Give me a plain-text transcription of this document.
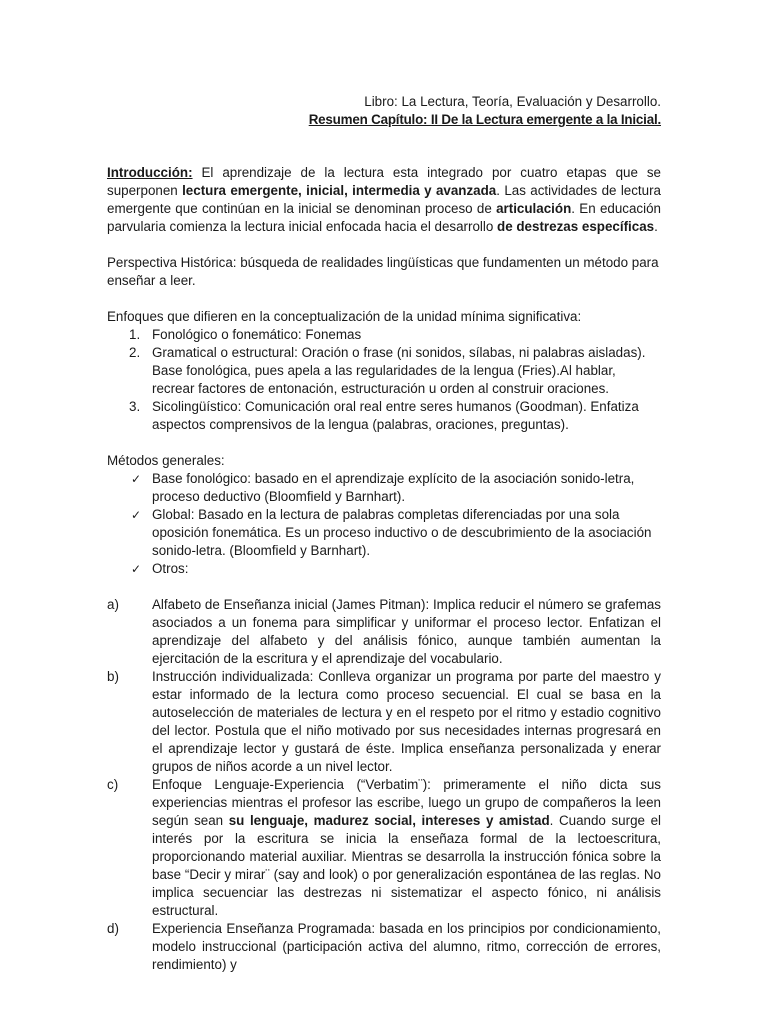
Libro: La Lectura, Teoría, Evaluación y Desarrollo.
Resumen Capítulo: II De la Lectura emergente a la Inicial.

Introducción: El aprendizaje de la lectura esta integrado por cuatro etapas que se superponen lectura emergente, inicial, intermedia y avanzada. Las actividades de lectura emergente que continúan en la inicial se denominan proceso de articulación. En educación parvularia comienza la lectura inicial enfocada hacia el desarrollo de destrezas específicas.

Perspectiva Histórica: búsqueda de realidades lingüísticas que fundamenten un método para enseñar a leer.

Enfoques que difieren en la conceptualización de la unidad mínima significativa:

1. Fonológico o fonemático: Fonemas
2. Gramatical o estructural: Oración o frase (ni sonidos, sílabas, ni palabras aisladas). Base fonológica, pues apela a las regularidades de la lengua (Fries).Al hablar, recrear factores de entonación, estructuración u orden al construir oraciones.
3. Sicolingüístico: Comunicación oral real entre seres humanos (Goodman). Enfatiza aspectos comprensivos de la lengua (palabras, oraciones, preguntas).

Métodos generales:

✓ Base fonológico: basado en el aprendizaje explícito de la asociación sonido-letra, proceso deductivo (Bloomfield y Barnhart).
✓ Global: Basado en la lectura de palabras completas diferenciadas por una sola oposición fonemática. Es un proceso inductivo o de descubrimiento de la asociación sonido-letra. (Bloomfield y Barnhart).
✓ Otros:
a) Alfabeto de Enseñanza inicial (James Pitman): Implica reducir el número se grafemas asociados a un fonema para simplificar y uniformar el proceso lector. Enfatizan el aprendizaje del alfabeto y del análisis fónico, aunque también aumentan la ejercitación de la escritura y el aprendizaje del vocabulario.
b) Instrucción individualizada: Conlleva organizar un programa por parte del maestro y estar informado de la lectura como proceso secuencial. El cual se basa en la autoselección de materiales de lectura y en el respeto por el ritmo y estadio cognitivo del lector. Postula que el niño motivado por sus necesidades internas progresará en el aprendizaje lector y gustará de éste. Implica enseñanza personalizada y enerar grupos de niños acorde a un nivel lector.
c)	Enfoque Lenguaje-Experiencia (“Verbatim¨): primeramente el niño dicta sus experiencias mientras el profesor las escribe, luego un grupo de compañeros la leen según sean su lenguaje, madurez social, intereses y amistad. Cuando surge el interés por la escritura se inicia la enseñaza formal de la lectoescritura, proporcionando material auxiliar. Mientras se desarrolla la instrucción fónica sobre la base “Decir y mirar¨ (say and look) o por generalización espontánea de las reglas. No implica secuenciar las destrezas ni sistematizar el aspecto fónico, ni análisis estructural.
d) Experiencia Enseñanza Programada: basada en los principios por condicionamiento, modelo instruccional (participación activa del alumno, ritmo, corrección de errores, rendimiento) y
